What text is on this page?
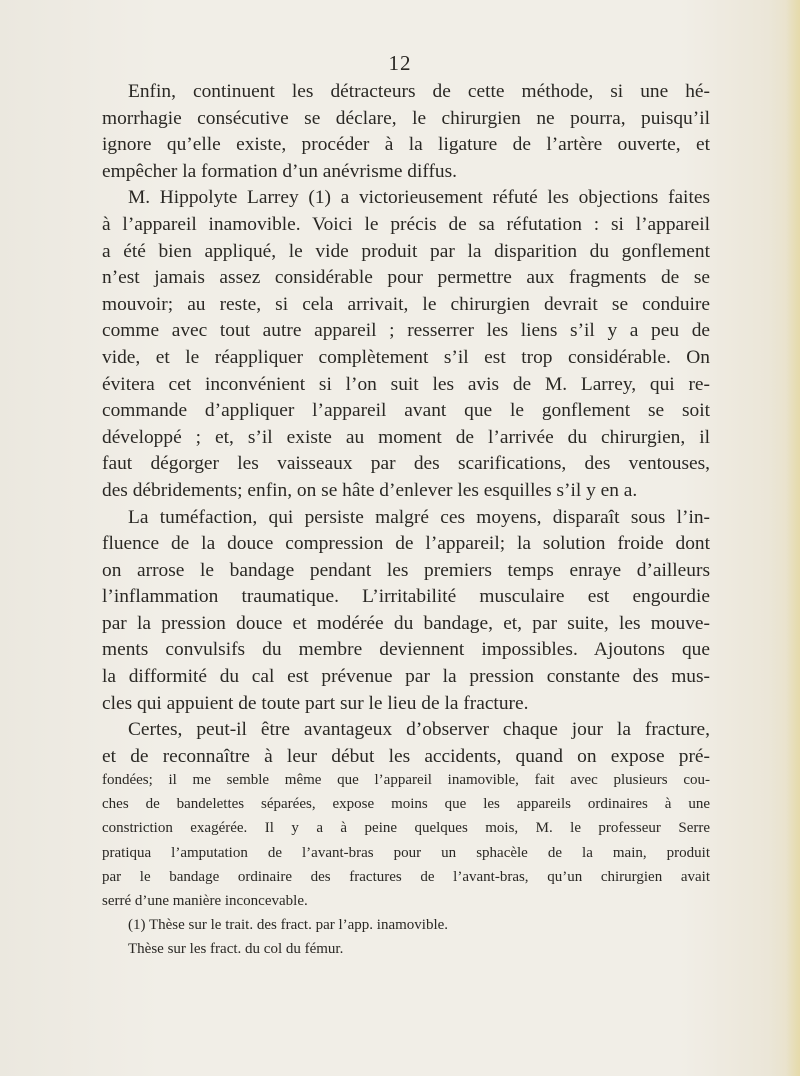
12
Enfin, continuent les détracteurs de cette méthode, si une hé-
morrhagie consécutive se déclare, le chirurgien ne pourra, puisqu’il
ignore qu’elle existe, procéder à la ligature de l’artère ouverte, et
empêcher la formation d’un anévrisme diffus.
M. Hippolyte Larrey (1) a victorieusement réfuté les objections faites
à l’appareil inamovible. Voici le précis de sa réfutation : si l’appareil
a été bien appliqué, le vide produit par la disparition du gonflement
n’est jamais assez considérable pour permettre aux fragments de se
mouvoir; au reste, si cela arrivait, le chirurgien devrait se conduire
comme avec tout autre appareil ; resserrer les liens s’il y a peu de
vide, et le réappliquer complètement s’il est trop considérable. On
évitera cet inconvénient si l’on suit les avis de M. Larrey, qui re-
commande d’appliquer l’appareil avant que le gonflement se soit
développé ; et, s’il existe au moment de l’arrivée du chirurgien, il
faut dégorger les vaisseaux par des scarifications, des ventouses,
des débridements; enfin, on se hâte d’enlever les esquilles s’il y en a.
La tuméfaction, qui persiste malgré ces moyens, disparaît sous l’in-
fluence de la douce compression de l’appareil; la solution froide dont
on arrose le bandage pendant les premiers temps enraye d’ailleurs
l’inflammation traumatique. L’irritabilité musculaire est engourdie
par la pression douce et modérée du bandage, et, par suite, les mouve-
ments convulsifs du membre deviennent impossibles. Ajoutons que
la difformité du cal est prévenue par la pression constante des mus-
cles qui appuient de toute part sur le lieu de la fracture.
Certes, peut-il être avantageux d’observer chaque jour la fracture,
et de reconnaître à leur début les accidents, quand on expose pré-
fondées; il me semble même que l’appareil inamovible, fait avec plusieurs cou-
ches de bandelettes séparées, expose moins que les appareils ordinaires à une
constriction exagérée. Il y a à peine quelques mois, M. le professeur Serre
pratiqua l’amputation de l’avant-bras pour un sphacèle de la main, produit
par le bandage ordinaire des fractures de l’avant-bras, qu’un chirurgien avait
serré d’une manière inconcevable.
(1) Thèse sur le trait. des fract. par l’app. inamovible.
Thèse sur les fract. du col du fémur.
